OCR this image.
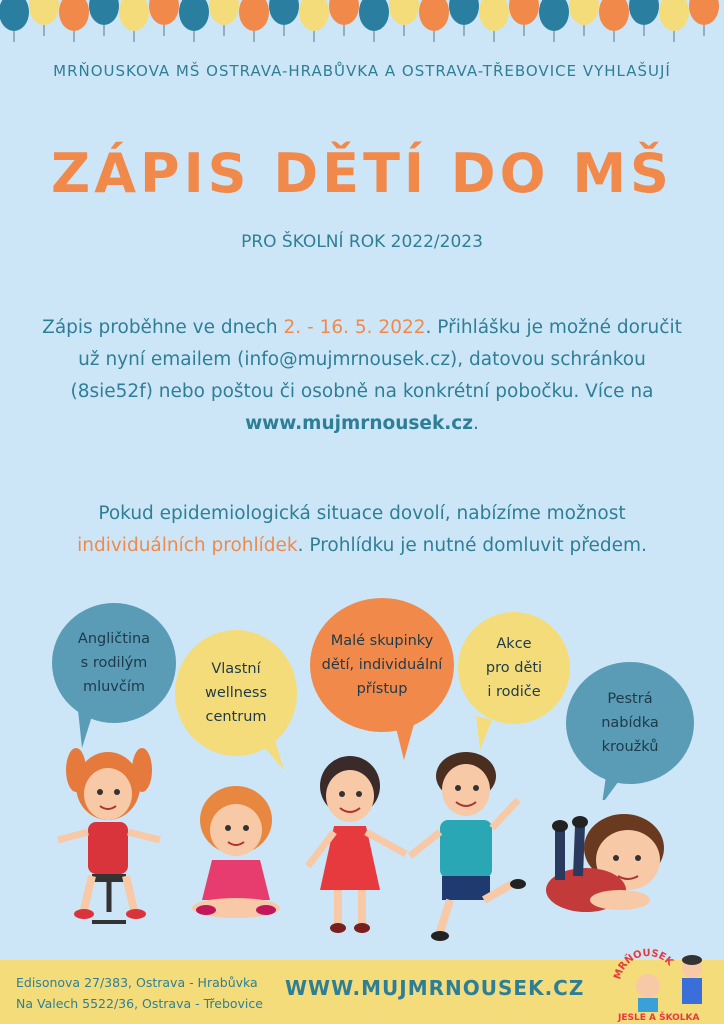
MRŇOUSKOVA MŠ OSTRAVA-HRABŮVKA A OSTRAVA-TŘEBOVICE VYHLAŠUJÍ
ZÁPIS DĚTÍ DO MŠ
PRO ŠKOLNÍ ROK 2022/2023
Zápis proběhne ve dnech 2. - 16. 5. 2022. Přihlášku je možné doručit už nyní emailem (info@mujmrnousek.cz), datovou schránkou (8sie52f) nebo poštou či osobně na konkrétní pobočku. Více na www.mujmrnousek.cz.
Pokud epidemiologická situace dovolí, nabízíme možnost individuálních prohlídek. Prohlídku je nutné domluvit předem.
Angličtina
s rodilým
mluvčím
Vlastní
wellness
centrum
Malé skupinky
dětí, individuální
přístup
Akce
pro děti
i rodiče	Pestrá
nabídka
kroužků
Edisonova 27/383, Ostrava - Hrabůvka
Na Valech 5522/36, Ostrava - Třebovice
WWW.MUJMRNOUSEK.CZ
MRŇOUSEK
JESLE A ŠKOLKA
